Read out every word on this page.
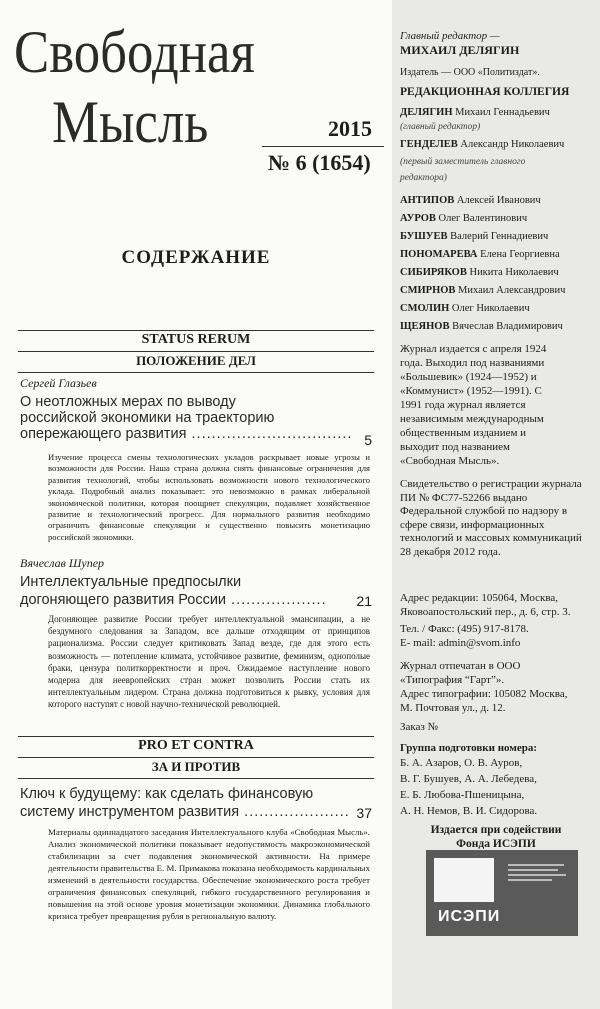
Свободная
Мысль	2015
№ 6 (1654)
СОДЕРЖАНИЕ
STATUS RERUM
ПОЛОЖЕНИЕ ДЕЛ
Сергей Глазьев
О неотложных мерах по выводу
российской экономики на траекторию
опережающего развития ................................ 5
Изучение процесса смены технологических укладов раскрывает новые угрозы и возможности для России. Наша страна должна снять финансовые ограничения для развития технологий, чтобы использовать возможности нового технологического уклада. Подробный анализ показывает: это невозможно в рамках либеральной экономической политики, которая поощряет спекуляции, подавляет хозяйственное развитие и технологический прогресс. Для нормального развития необходимо ограничить финансовые спекуляции и существенно повысить монетизацию российской экономики.
Вячеслав Шупер
Интеллектуальные предпосылки
догоняющего развития России ................... 21
Догоняющее развитие России требует интеллектуальной эмансипации, а не бездумного следования за Западом, все дальше отходящим от принципов рационализма. России следует критиковать Запад везде, где для этого есть возможность — потепление климата, устойчивое развитие, феминизм, однополые браки, цензура политкорректности и проч. Ожидаемое наступление нового модерна для неевропейских стран может позволить России стать их интеллектуальным лидером. Страна должна подготовиться к рывку, условия для которого наступят с новой научно-технической революцией.
PRO ET CONTRA
ЗА И ПРОТИВ
Ключ к будущему: как сделать финансовую
систему инструментом развития ..................... 37
Материалы одиннадцатого заседания Интеллектуального клуба «Свободная Мысль». Анализ экономической политики показывает недопустимость макроэкономической стабилизации за счет подавления экономической активности. На примере деятельности правительства Е. М. Примакова показана необходимость кардинальных изменений в деятельности государства. Обеспечение экономического роста требует ограничения финансовых спекуляций, гибкого государственного регулирования и повышения на этой основе уровня монетизации экономики. Динамика глобального кризиса требует превращения рубля в региональную валюту.
Главный редактор —
МИХАИЛ ДЕЛЯГИН
Издатель — ООО «Политиздат».
РЕДАКЦИОННАЯ КОЛЛЕГИЯ
ДЕЛЯГИН Михаил Геннадьевич
(главный редактор)
ГЕНДЕЛЕВ Александр Николаевич
(первый заместитель главного редактора)
АНТИПОВ Алексей Иванович
АУРОВ Олег Валентинович
БУШУЕВ Валерий Геннадиевич
ПОНОМАРЕВА Елена Георгиевна
СИБИРЯКОВ Никита Николаевич
СМИРНОВ Михаил Александрович
СМОЛИН Олег Николаевич
ЩЕЯНОВ Вячеслав Владимирович
Журнал издается с апреля 1924 года. Выходил под названиями «Большевик» (1924—1952) и «Коммунист» (1952—1991). С 1991 года журнал является независимым международным общественным изданием и выходит под названием «Свободная Мысль».
Свидетельство о регистрации журнала ПИ № ФС77-52266 выдано Федеральной службой по надзору в сфере связи, информационных технологий и массовых коммуникаций 28 декабря 2012 года.
Адрес редакции: 105064, Москва, Яковоапостольский пер., д. 6, стр. 3.
Тел. / Факс: (495) 917-8178.
E- mail: admin@svom.info
Журнал отпечатан в ООО «Типография “Гарт”».
Адрес типографии: 105082 Москва, М. Почтовая ул., д. 12.
Заказ №
Группа подготовки номера:
Б. А. Азаров, О. В. Ауров,
В. Г. Бушуев, А. А. Лебедева,
Е. Б. Любова-Пшеницына,
А. Н. Немов, В. И. Сидорова.
Издается при содействии
Фонда ИСЭПИ
ИСЭПИ
